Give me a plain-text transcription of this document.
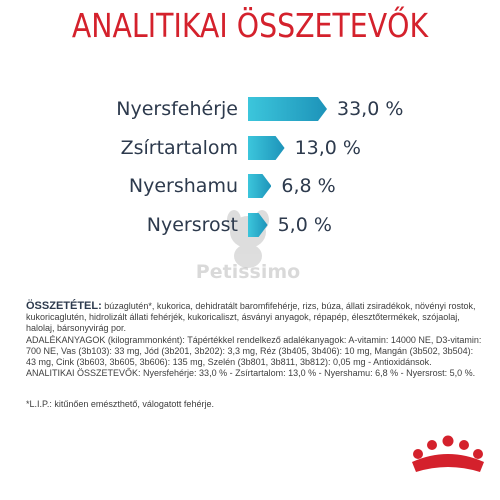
ANALITIKAI ÖSSZETEVŐK
Petissimo
Nyersfehérje	33,0 %
Zsírtartalom	13,0 %
Nyershamu 6,8 %
Nyersrost 5,0 %

ÖSSZETÉTEL: búzaglutén*, kukorica, dehidratált baromfifehérje, rizs, búza, állati zsiradékok, növényi rostok, kukoricaglutén, hidrolizált állati fehérjék, kukoricaliszt, ásványi anyagok, répapép, élesztőtermékek, szójaolaj, halolaj, bársonyvirág por.

ADALÉKANYAGOK (kilogrammonként): Tápértékkel rendelkező adalékanyagok: A-vitamin: 14000 NE, D3-vitamin: 700 NE, Vas (3b103): 33 mg, Jód (3b201, 3b202): 3,3 mg, Réz (3b405, 3b406): 10 mg, Mangán (3b502, 3b504): 43 mg, Cink (3b603, 3b605, 3b606): 135 mg, Szelén (3b801, 3b811, 3b812): 0,05 mg - Antioxidánsok.

ANALITIKAI ÖSSZETEVŐK: Nyersfehérje: 33,0 % - Zsírtartalom: 13,0 % - Nyershamu: 6,8 % - Nyersrost: 5,0 %.

*L.I.P.: kitűnően emészthető, válogatott fehérje.
